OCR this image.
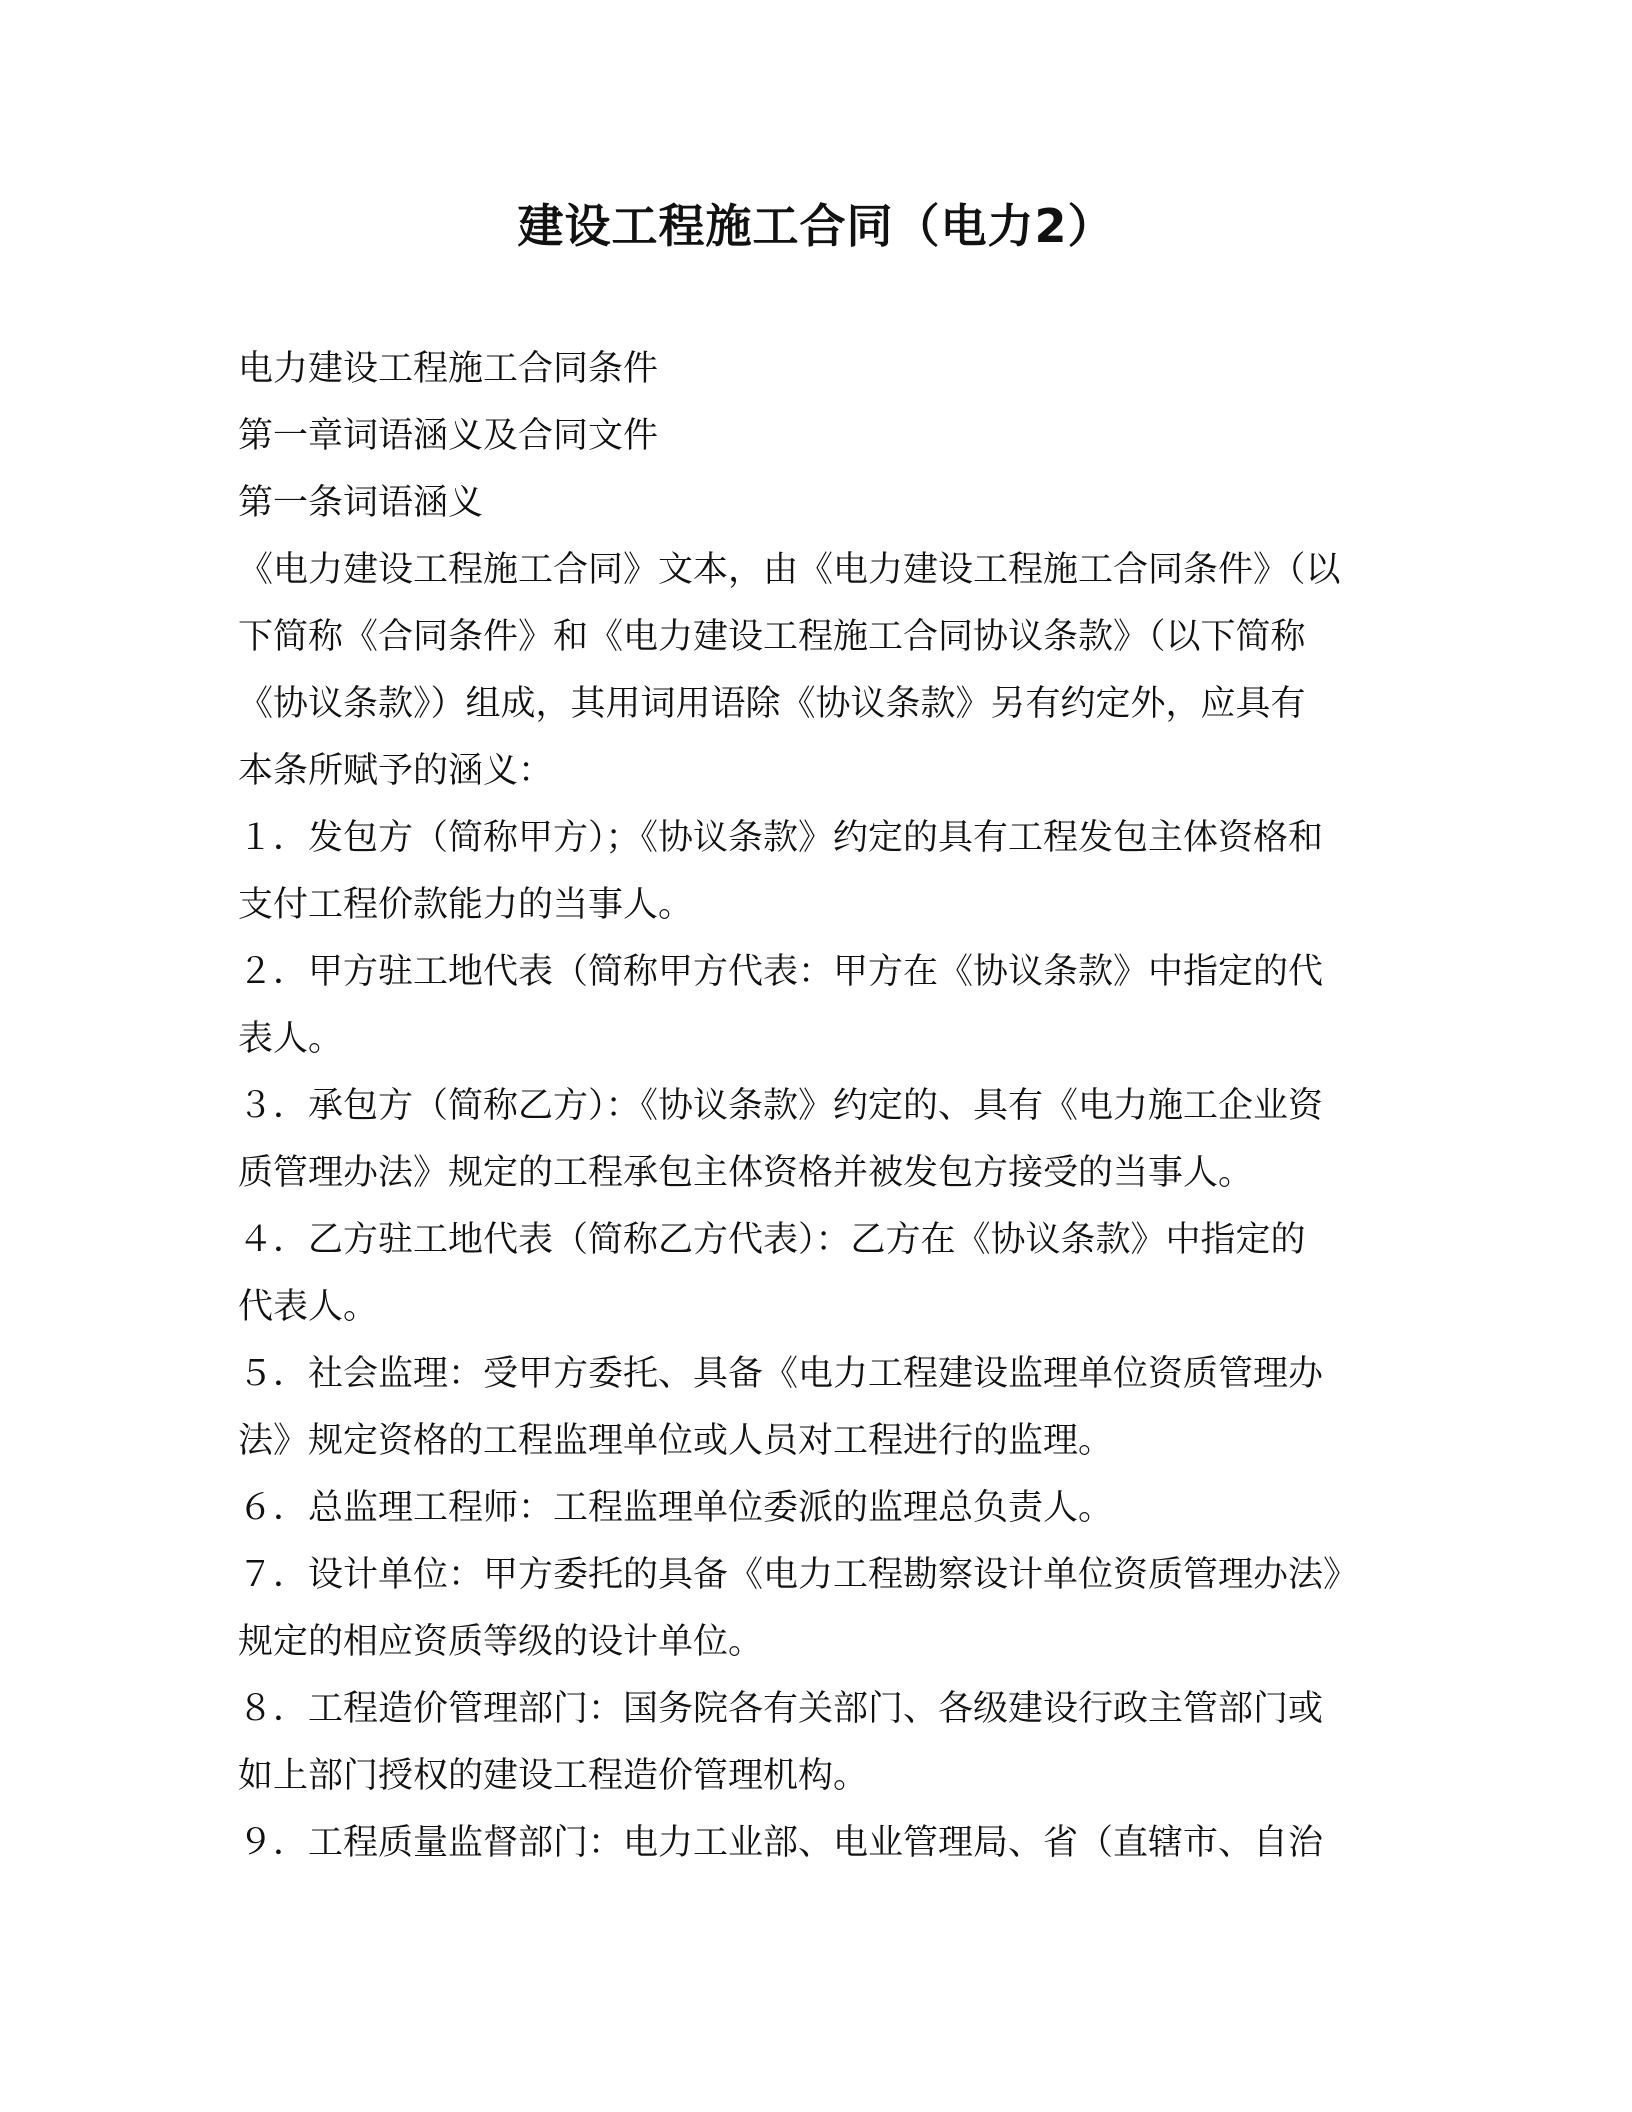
建设工程施工合同（电力2）
电力建设工程施工合同条件
第一章词语涵义及合同文件
第一条词语涵义
《电力建设工程施工合同》文本，由《电力建设工程施工合同条件》（以
下简称《合同条件》和《电力建设工程施工合同协议条款》（以下简称
《协议条款》）组成，其用词用语除《协议条款》另有约定外，应具有
本条所赋予的涵义：
１．发包方（简称甲方）；《协议条款》约定的具有工程发包主体资格和
支付工程价款能力的当事人。
２．甲方驻工地代表（简称甲方代表：甲方在《协议条款》中指定的代
表人。
３．承包方（简称乙方）：《协议条款》约定的、具有《电力施工企业资
质管理办法》规定的工程承包主体资格并被发包方接受的当事人。
４．乙方驻工地代表（简称乙方代表）：乙方在《协议条款》中指定的
代表人。
５．社会监理：受甲方委托、具备《电力工程建设监理单位资质管理办
法》规定资格的工程监理单位或人员对工程进行的监理。
６．总监理工程师：工程监理单位委派的监理总负责人。
７．设计单位：甲方委托的具备《电力工程勘察设计单位资质管理办法》
规定的相应资质等级的设计单位。
８．工程造价管理部门：国务院各有关部门、各级建设行政主管部门或
如上部门授权的建设工程造价管理机构。
９．工程质量监督部门：电力工业部、电业管理局、省（直辖市、自治
